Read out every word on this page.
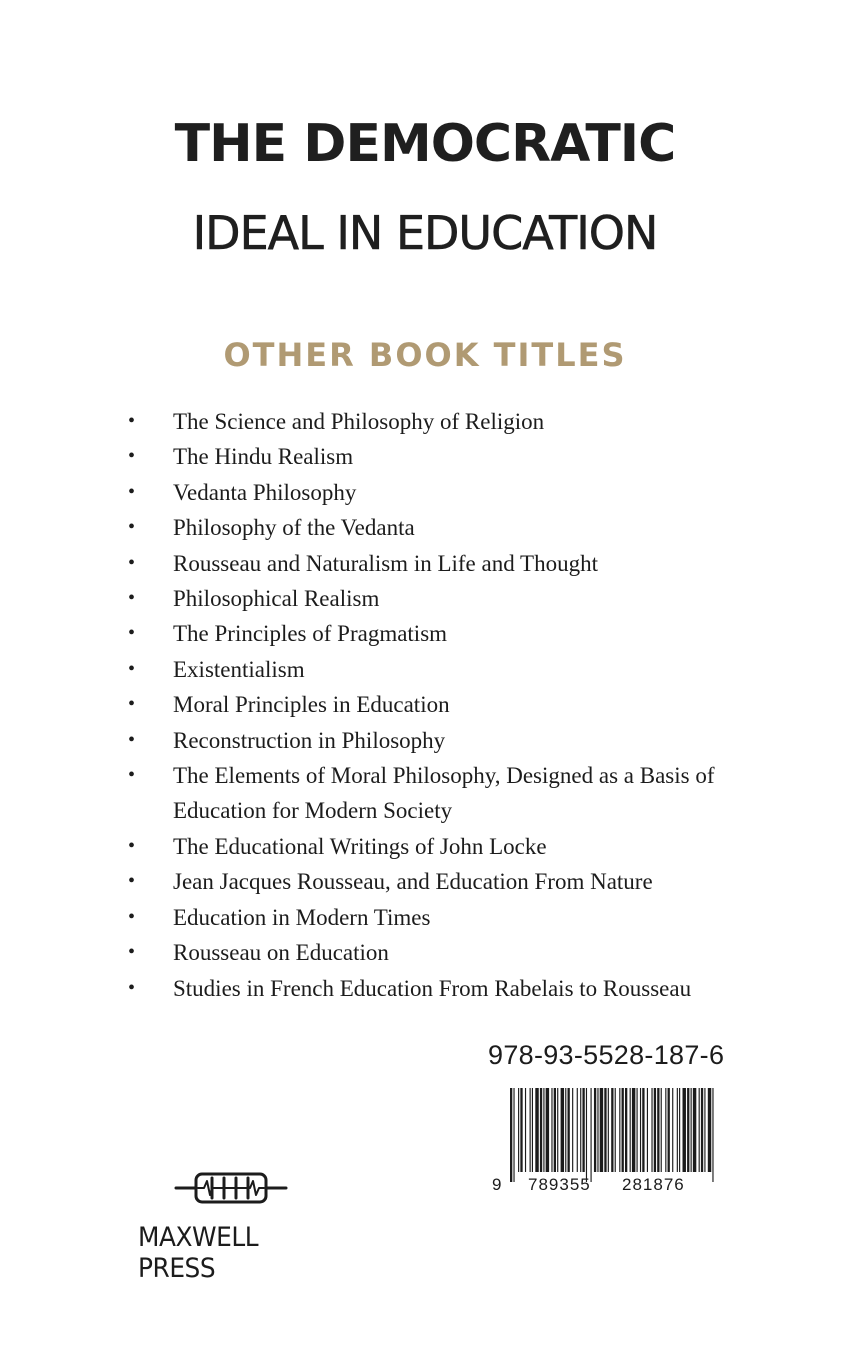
THE DEMOCRATIC
IDEAL IN EDUCATION
OTHER BOOK TITLES
• The Science and Philosophy of Religion
• The Hindu Realism
• Vedanta Philosophy
• Philosophy of the Vedanta
• Rousseau and Naturalism in Life and Thought
• Philosophical Realism
• The Principles of Pragmatism
• Existentialism
• Moral Principles in Education
• Reconstruction in Philosophy
• The Elements of Moral Philosophy, Designed as a Basis of Education for Modern Society
• The Educational Writings of John Locke
• Jean Jacques Rousseau, and Education From Nature
• Education in Modern Times
• Rousseau on Education
• Studies in French Education From Rabelais to Rousseau
978-93-5528-187-6
9 789355 281876
MAXWELL PRESS
